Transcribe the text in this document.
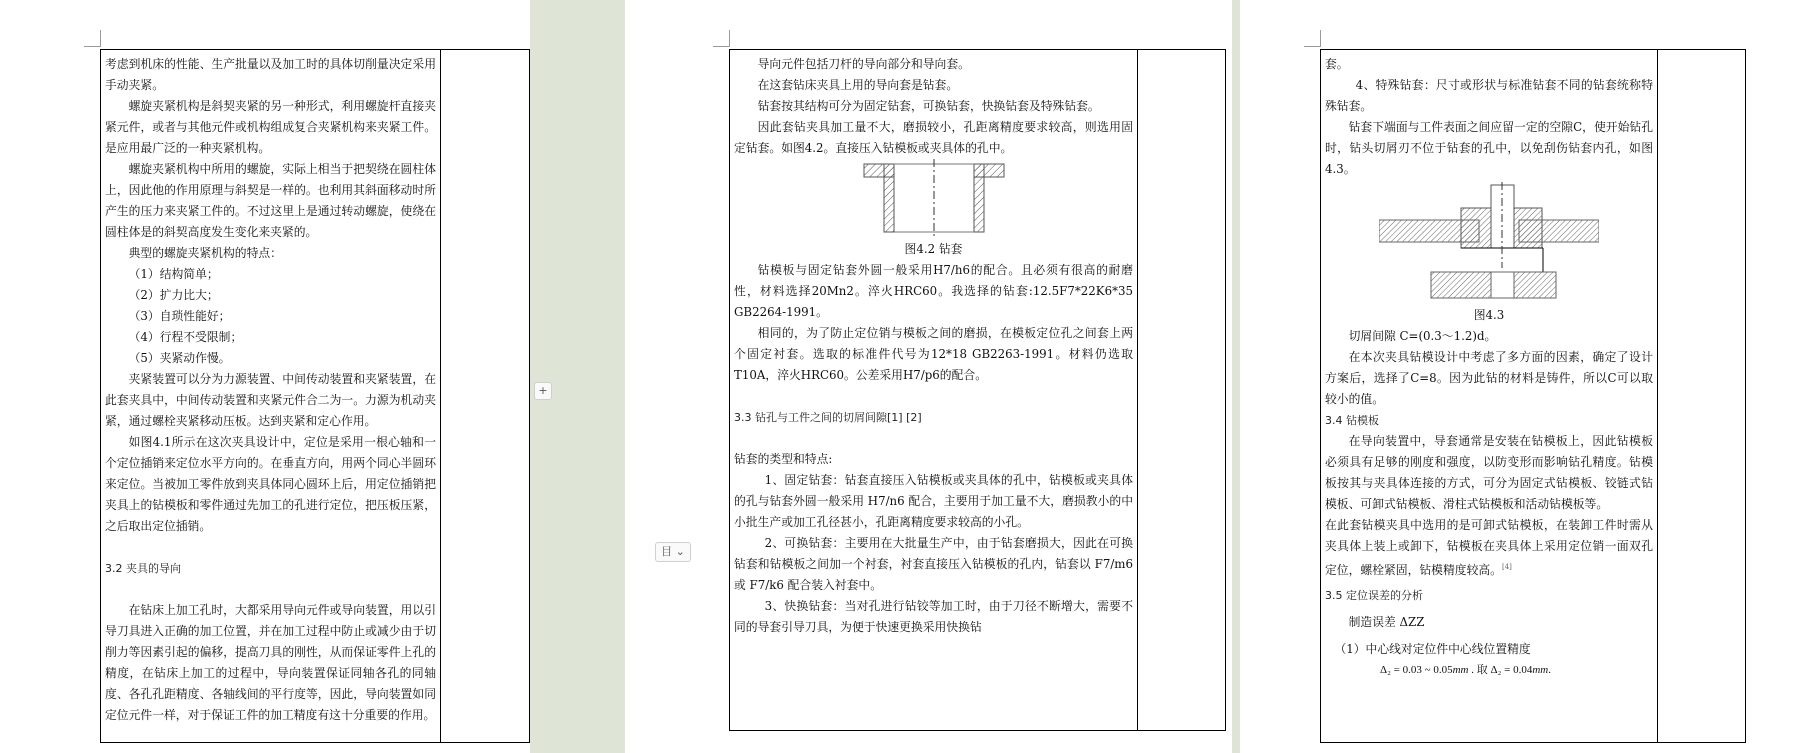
考虑到机床的性能、生产批量以及加工时的具体切削量决定采用手动夹紧。

螺旋夹紧机构是斜契夹紧的另一种形式，利用螺旋杆直接夹紧元件，或者与其他元件或机构组成复合夹紧机构来夹紧工件。是应用最广泛的一种夹紧机构。

螺旋夹紧机构中所用的螺旋，实际上相当于把契绕在圆柱体上，因此他的作用原理与斜契是一样的。也利用其斜面移动时所产生的压力来夹紧工件的。不过这里上是通过转动螺旋，使绕在圆柱体是的斜契高度发生变化来夹紧的。

典型的螺旋夹紧机构的特点：

（1）结构简单；

（2）扩力比大；

（3）自琐性能好；

（4）行程不受限制；

（5）夹紧动作慢。

夹紧装置可以分为力源装置、中间传动装置和夹紧装置，在此套夹具中，中间传动装置和夹紧元件合二为一。力源为机动夹紧，通过螺栓夹紧移动压板。达到夹紧和定心作用。

如图4.1所示在这次夹具设计中，定位是采用一根心轴和一个定位插销来定位水平方向的。在垂直方向，用两个同心半圆环来定位。当被加工零件放到夹具体同心圆环上后，用定位插销把夹具上的钻模板和零件通过先加工的孔进行定位，把压板压紧，之后取出定位插销。

3.2 夹具的导向

在钻床上加工孔时，大都采用导向元件或导向装置，用以引导刀具进入正确的加工位置，并在加工过程中防止或减少由于切削力等因素引起的偏移，提高刀具的刚性，从而保证零件上孔的精度，在钻床上加工的过程中，导向装置保证同轴各孔的同轴度、各孔孔距精度、各轴线间的平行度等，因此，导向装置如同定位元件一样，对于保证工件的加工精度有这十分重要的作用。

+

导向元件包括刀杆的导向部分和导向套。

在这套钻床夹具上用的导向套是钻套。

钻套按其结构可分为固定钻套，可换钻套，快换钻套及特殊钻套。

因此套钻夹具加工量不大，磨损较小，孔距离精度要求较高，则选用固定钻套。如图4.2。直接压入钻模板或夹具体的孔中。

图4.2 钻套

钻模板与固定钻套外圆一般采用H7/h6的配合。且必须有很高的耐磨性，材料选择20Mn2。淬火HRC60。我选择的钻套:12.5F7*22K6*35 GB2264-1991。

相同的，为了防止定位销与模板之间的磨损，在模板定位孔之间套上两个固定衬套。选取的标准件代号为12*18 GB2263-1991。材料仍选取T10A，淬火HRC60。公差采用H7/p6的配合。

3.3 钻孔与工件之间的切屑间隙[1] [2]

钻套的类型和特点:

1、固定钻套：钻套直接压入钻模板或夹具体的孔中，钻模板或夹具体的孔与钻套外圆一般采用 H7/n6 配合，主要用于加工量不大，磨损教小的中小批生产或加工孔径甚小，孔距离精度要求较高的小孔。

2、可换钻套：主要用在大批量生产中，由于钻套磨损大，因此在可换钻套和钻模板之间加一个衬套，衬套直接压入钻模板的孔内，钻套以 F7/m6 或 F7/k6 配合装入衬套中。

3、快换钻套：当对孔进行钻铰等加工时，由于刀径不断增大，需要不同的导套引导刀具，为便于快速更换采用快换钻

目 ⌄

套。

4、特殊钻套：尺寸或形状与标准钻套不同的钻套统称特殊钻套。

钻套下端面与工件表面之间应留一定的空隙C，使开始钻孔时，钻头切屑刃不位于钻套的孔中，以免刮伤钻套内孔，如图4.3。

图4.3

切屑间隙 C=(0.3～1.2)d。

在本次夹具钻模设计中考虑了多方面的因素，确定了设计方案后，选择了C=8。因为此钻的材料是铸件，所以C可以取较小的值。

3.4 钻模板

在导向装置中，导套通常是安装在钻模板上，因此钻模板必须具有足够的刚度和强度，以防变形而影响钻孔精度。钻模板按其与夹具体连接的方式，可分为固定式钻模板、铰链式钻模板、可卸式钻模板、滑柱式钻模板和活动钻模板等。

在此套钻模夹具中选用的是可卸式钻模板，在装卸工件时需从夹具体上装上或卸下，钻模板在夹具体上采用定位销一面双孔定位，螺栓紧固，钻模精度较高。[4]

3.5 定位误差的分析

制造误差 ΔZZ

（1）中心线对定位件中心线位置精度

Δ₂ = 0.03 ~ 0.05mm . 取 Δ₂ = 0.04mm.
